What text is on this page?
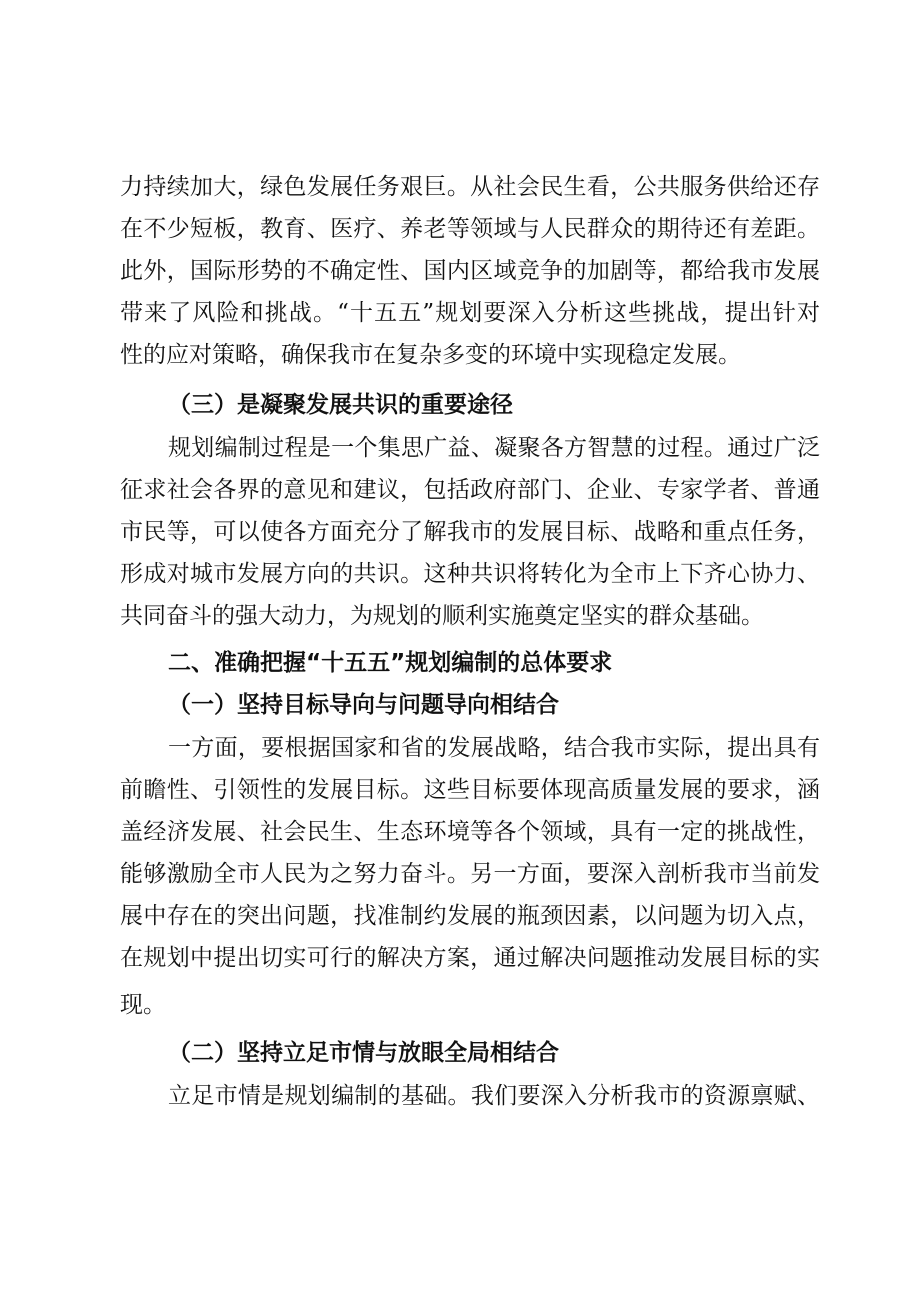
力持续加大，绿色发展任务艰巨。从社会民生看，公共服务供给还存
在不少短板，教育、医疗、养老等领域与人民群众的期待还有差距。
此外，国际形势的不确定性、国内区域竞争的加剧等，都给我市发展
带来了风险和挑战。“十五五”规划要深入分析这些挑战，提出针对
性的应对策略，确保我市在复杂多变的环境中实现稳定发展。
（三）是凝聚发展共识的重要途径
规划编制过程是一个集思广益、凝聚各方智慧的过程。通过广泛
征求社会各界的意见和建议，包括政府部门、企业、专家学者、普通
市民等，可以使各方面充分了解我市的发展目标、战略和重点任务，
形成对城市发展方向的共识。这种共识将转化为全市上下齐心协力、
共同奋斗的强大动力，为规划的顺利实施奠定坚实的群众基础。
二、准确把握“十五五”规划编制的总体要求
（一）坚持目标导向与问题导向相结合
一方面，要根据国家和省的发展战略，结合我市实际，提出具有
前瞻性、引领性的发展目标。这些目标要体现高质量发展的要求，涵
盖经济发展、社会民生、生态环境等各个领域，具有一定的挑战性，
能够激励全市人民为之努力奋斗。另一方面，要深入剖析我市当前发
展中存在的突出问题，找准制约发展的瓶颈因素，以问题为切入点，
在规划中提出切实可行的解决方案，通过解决问题推动发展目标的实
现。
（二）坚持立足市情与放眼全局相结合
立足市情是规划编制的基础。我们要深入分析我市的资源禀赋、
